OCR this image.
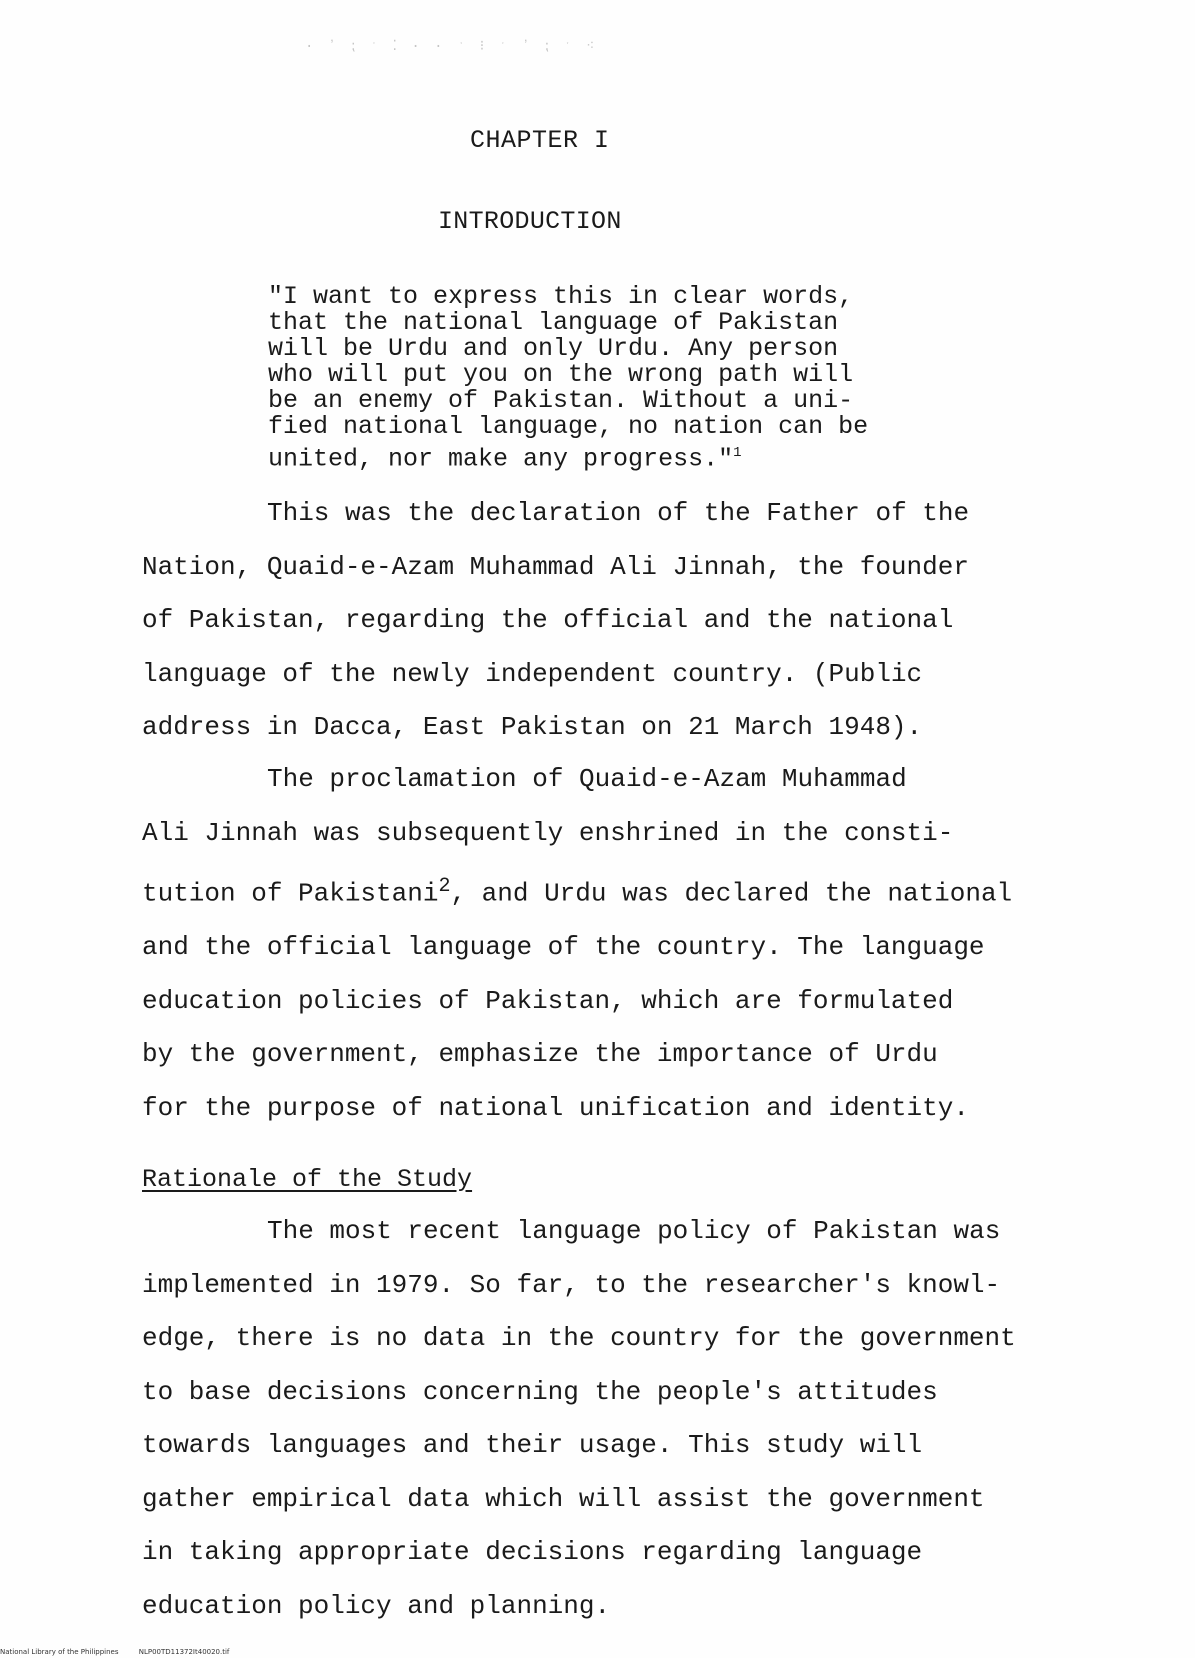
· ʼ ⁏ ˑ ⁚ · · ˑ ⁝ ˑ ʼ ⁏ ˑ ⁖
CHAPTER I
INTRODUCTION
"I want to express this in clear words,
that the national language of Pakistan
will be Urdu and only Urdu. Any person
who will put you on the wrong path will
be an enemy of Pakistan. Without a uni-
fied national language, no nation can be
united, nor make any progress."$^1$
This was the declaration of the Father of the
Nation, Quaid-e-Azam Muhammad Ali Jinnah, the founder
of Pakistan, regarding the official and the national
language of the newly independent country. (Public
address in Dacca, East Pakistan on 21 March 1948).
The proclamation of Quaid-e-Azam Muhammad
Ali Jinnah was subsequently enshrined in the consti-
tution of Pakistani$^2$, and Urdu was declared the national
and the official language of the country. The language
education policies of Pakistan, which are formulated
by the government, emphasize the importance of Urdu
for the purpose of national unification and identity.
Rationale of the Study
The most recent language policy of Pakistan was
implemented in 1979. So far, to the researcher's knowl-
edge, there is no data in the country for the government
to base decisions concerning the people's attitudes
towards languages and their usage. This study will
gather empirical data which will assist the government
in taking appropriate decisions regarding language
education policy and planning.
National Library of the Philippines	NLP00TD11372It40020.tif
